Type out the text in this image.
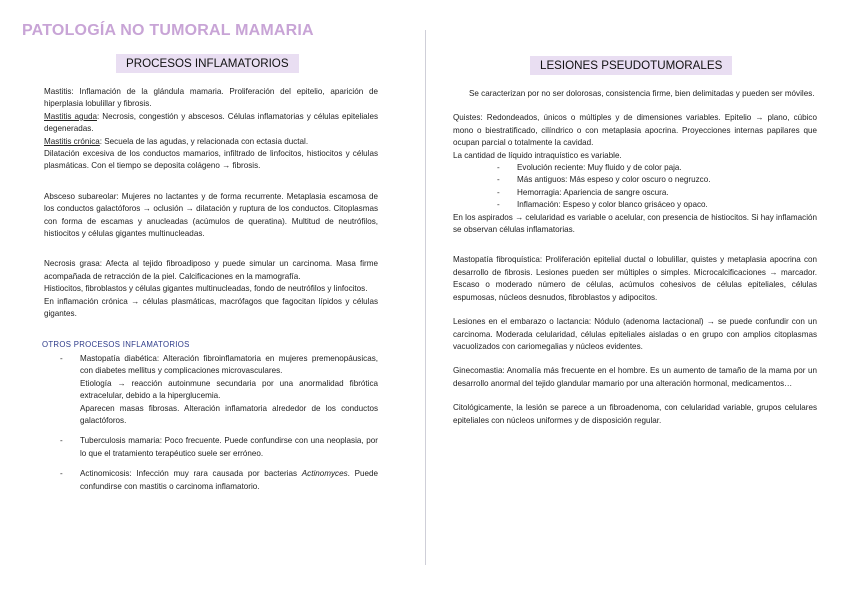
PATOLOGÍA NO TUMORAL MAMARIA
PROCESOS INFLAMATORIOS	LESIONES PSEUDOTUMORALES

Mastitis: Inflamación de la glándula mamaria. Proliferación del epitelio, aparición de hiperplasia lobulillar y fibrosis.

Mastitis aguda: Necrosis, congestión y abscesos. Células inflamatorias y células epiteliales degeneradas.

Mastitis crónica: Secuela de las agudas, y relacionada con ectasia ductal.

Dilatación excesiva de los conductos mamarios, infiltrado de linfocitos, histiocitos y células plasmáticas. Con el tiempo se deposita colágeno → fibrosis.

Absceso subareolar: Mujeres no lactantes y de forma recurrente. Metaplasia escamosa de los conductos galactóforos → oclusión → dilatación y ruptura de los conductos. Citoplasmas con forma de escamas y anucleadas (acúmulos de queratina). Multitud de neutrófilos, histiocitos y células gigantes multinucleadas.

Necrosis grasa: Afecta al tejido fibroadiposo y puede simular un carcinoma. Masa firme acompañada de retracción de la piel. Calcificaciones en la mamografía.

Histiocitos, fibroblastos y células gigantes multinucleadas, fondo de neutrófilos y linfocitos.

En inflamación crónica → células plasmáticas, macrófagos que fagocitan lípidos y células gigantes.

OTROS PROCESOS INFLAMATORIOS
- Mastopatía diabética: Alteración fibroinflamatoria en mujeres premenopáusicas, con diabetes mellitus y complicaciones microvasculares.

Etiología → reacción autoinmune secundaria por una anormalidad fibrótica extracelular, debido a la hiperglucemia.

Aparecen masas fibrosas. Alteración inflamatoria alrededor de los conductos galactóforos.

- Tuberculosis mamaria: Poco frecuente. Puede confundirse con una neoplasia, por lo que el tratamiento terapéutico suele ser erróneo.

- Actinomicosis: Infección muy rara causada por bacterias Actinomyces. Puede confundirse con mastitis o carcinoma inflamatorio.

Se caracterizan por no ser dolorosas, consistencia firme, bien delimitadas y pueden ser móviles.

Quistes: Redondeados, únicos o múltiples y de dimensiones variables. Epitelio → plano, cúbico mono o biestratificado, cilíndrico o con metaplasia apocrina. Proyecciones internas papilares que ocupan parcial o totalmente la cavidad.

La cantidad de líquido intraquístico es variable.

- Evolución reciente: Muy fluido y de color paja.
- Más antiguos: Más espeso y color oscuro o negruzco.
- Hemorragia: Apariencia de sangre oscura.
- Inflamación: Espeso y color blanco grisáceo y opaco.

En los aspirados → celularidad es variable o acelular, con presencia de histiocitos. Si hay inflamación se observan células inflamatorias.

Mastopatía fibroquística: Proliferación epitelial ductal o lobulillar, quistes y metaplasia apocrina con desarrollo de fibrosis. Lesiones pueden ser múltiples o simples. Microcalcificaciones → marcador. Escaso o moderado número de células, acúmulos cohesivos de células epiteliales, células espumosas, núcleos desnudos, fibroblastos y adipocitos.

Lesiones en el embarazo o lactancia: Nódulo (adenoma lactacional) → se puede confundir con un carcinoma. Moderada celularidad, células epiteliales aisladas o en grupo con amplios citoplasmas vacuolizados con cariomegalias y núcleos evidentes.

Ginecomastia: Anomalía más frecuente en el hombre. Es un aumento de tamaño de la mama por un desarrollo anormal del tejido glandular mamario por una alteración hormonal, medicamentos…

Citológicamente, la lesión se parece a un fibroadenoma, con celularidad variable, grupos celulares epiteliales con núcleos uniformes y de disposición regular.
